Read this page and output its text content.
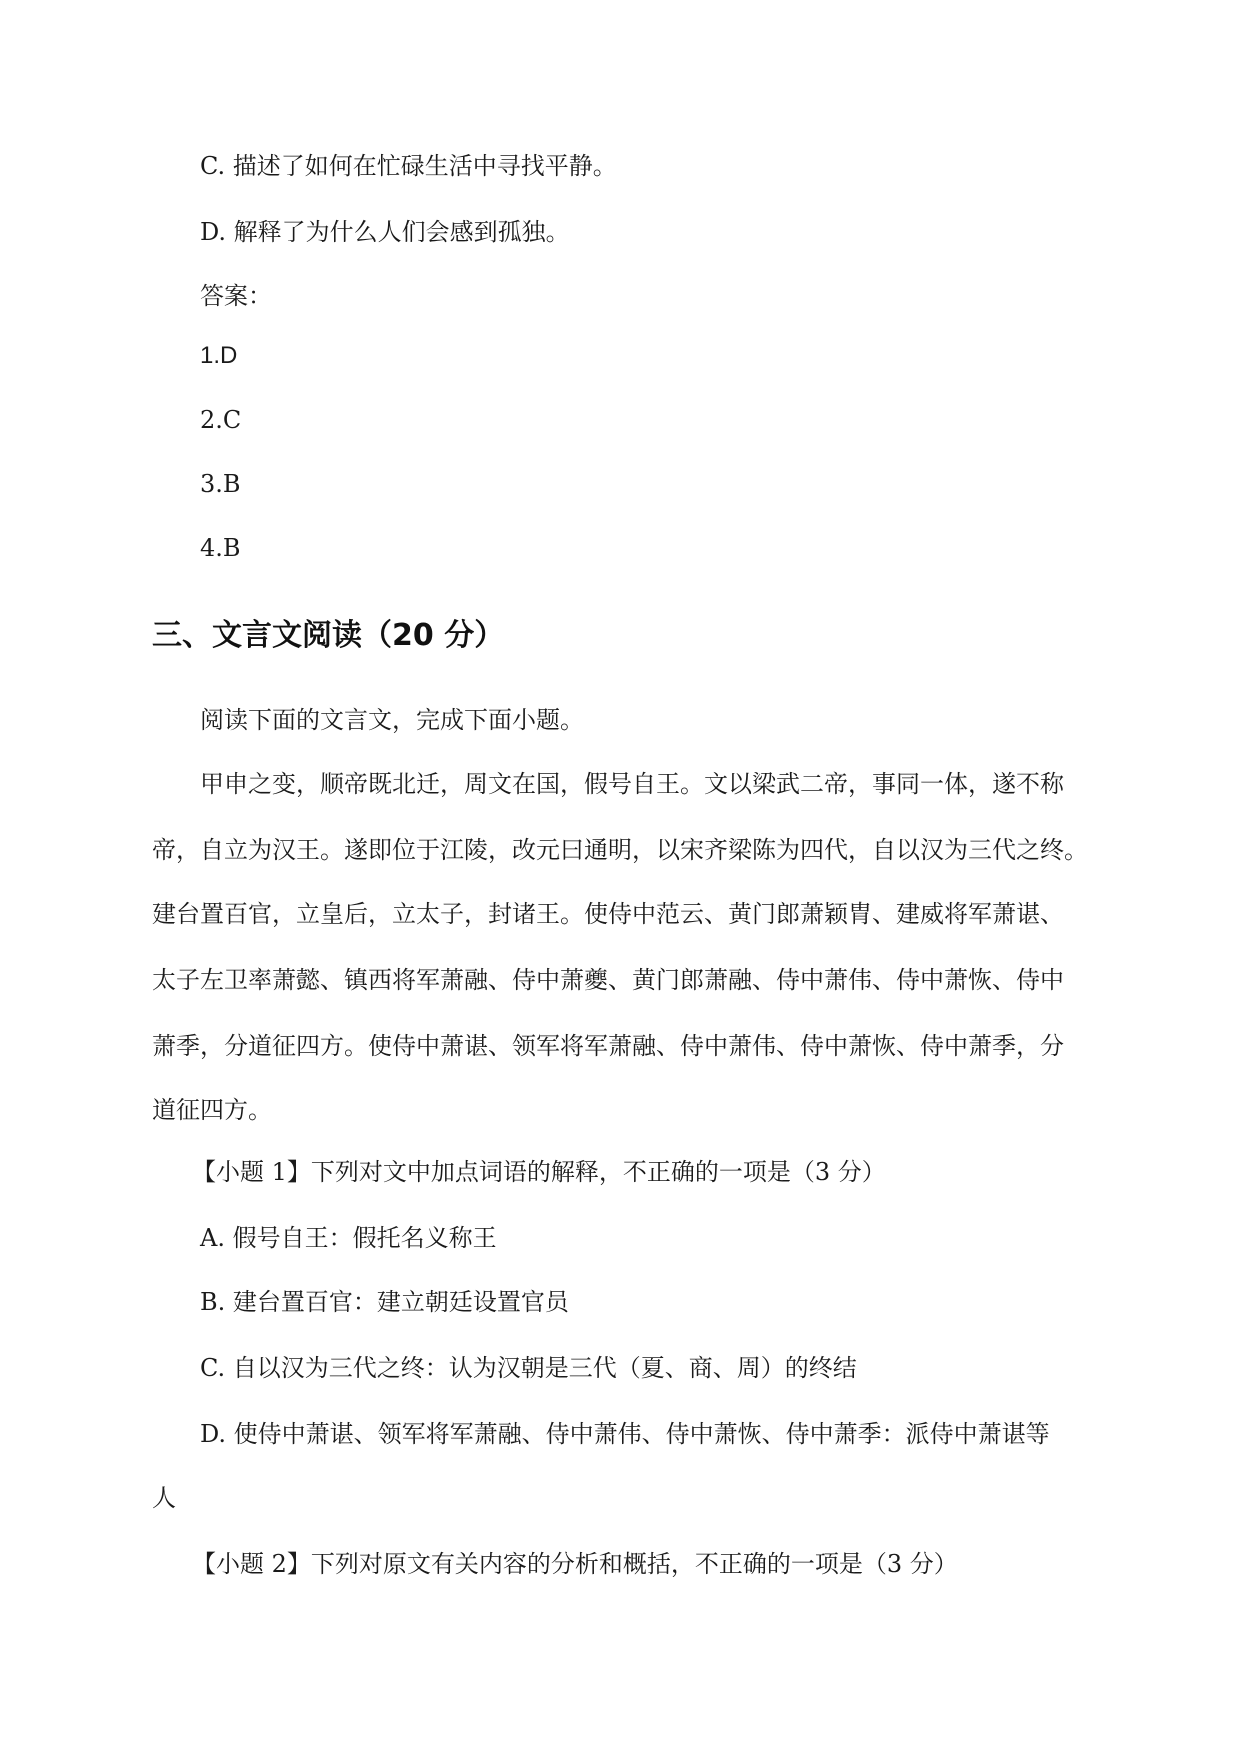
C. 描述了如何在忙碌生活中寻找平静。
D. 解释了为什么人们会感到孤独。
答案：
1.D
2.C
3.B
4.B
三、文言文阅读（20 分）
阅读下面的文言文，完成下面小题。
甲申之变，顺帝既北迁，周文在国，假号自王。文以梁武二帝，事同一体，遂不称
帝，自立为汉王。遂即位于江陵，改元曰通明，以宋齐梁陈为四代，自以汉为三代之终。
建台置百官，立皇后，立太子，封诸王。使侍中范云、黄门郎萧颖胄、建威将军萧谌、
太子左卫率萧懿、镇西将军萧融、侍中萧夔、黄门郎萧融、侍中萧伟、侍中萧恢、侍中
萧季，分道征四方。使侍中萧谌、领军将军萧融、侍中萧伟、侍中萧恢、侍中萧季，分
道征四方。
【小题 1】下列对文中加点词语的解释，不正确的一项是（3 分）
A. 假号自王：假托名义称王
B. 建台置百官：建立朝廷设置官员
C. 自以汉为三代之终：认为汉朝是三代（夏、商、周）的终结
D. 使侍中萧谌、领军将军萧融、侍中萧伟、侍中萧恢、侍中萧季：派侍中萧谌等
人
【小题 2】下列对原文有关内容的分析和概括，不正确的一项是（3 分）
